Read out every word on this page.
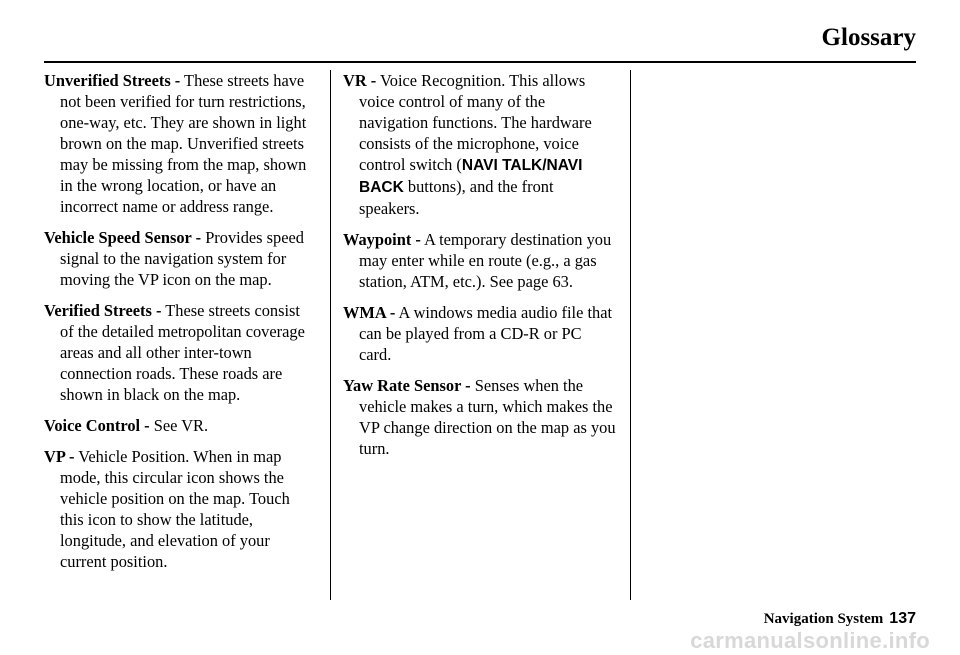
Glossary

Unverified Streets - These streets have not been verified for turn restrictions, one-way, etc. They are shown in light brown on the map. Unverified streets may be missing from the map, shown in the wrong location, or have an incorrect name or address range.

Vehicle Speed Sensor - Provides speed signal to the navigation system for moving the VP icon on the map.

Verified Streets - These streets consist of the detailed metropolitan coverage areas and all other inter-town connection roads. These roads are shown in black on the map.

Voice Control - See VR.

VP - Vehicle Position. When in map mode, this circular icon shows the vehicle position on the map. Touch this icon to show the latitude, longitude, and elevation of your current position.

VR - Voice Recognition. This allows voice control of many of the navigation functions. The hardware consists of the microphone, voice control switch (NAVI TALK/NAVI BACK buttons), and the front speakers.

Waypoint - A temporary destination you may enter while en route (e.g., a gas station, ATM, etc.). See page 63.

WMA - A windows media audio file that can be played from a CD-R or PC card.

Yaw Rate Sensor - Senses when the vehicle makes a turn, which makes the VP change direction on the map as you turn.

Navigation System 137
carmanualsonline.info
